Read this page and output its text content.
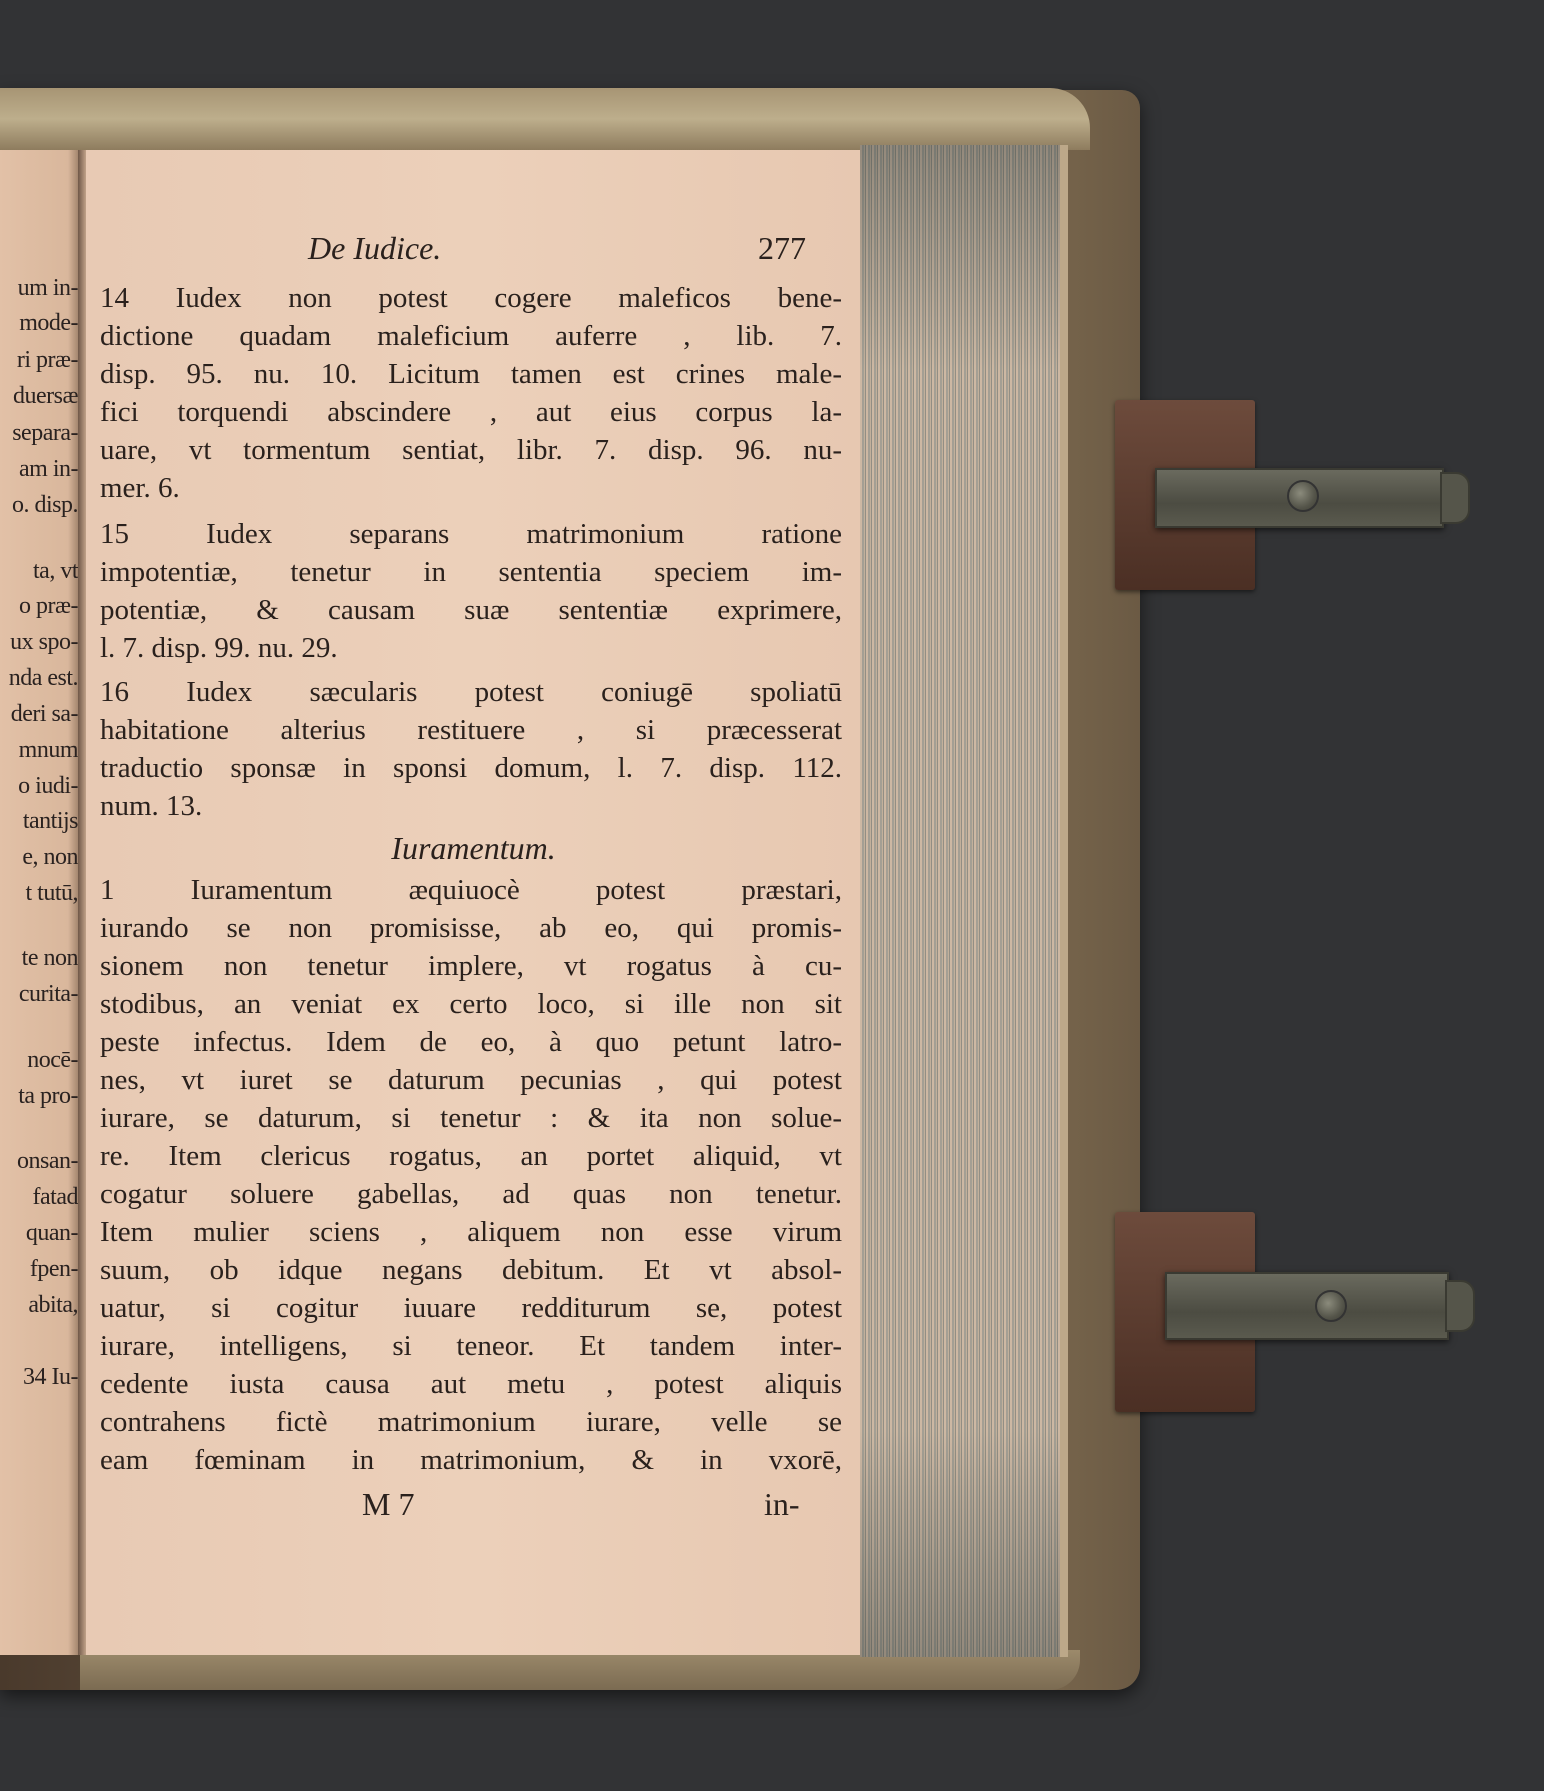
um in-
mode-
ri præ-
duersæ
separa-
am in-
o. disp.
ta, vt
o præ-
ux spo-
nda est.
deri sa-
mnum
o iudi-
tantijs
e, non
t tutū,
te non
curita-
nocē-
ta pro-
onsan-
fatad
quan-
fpen-
abita,
34 Iu-
De Iudice.	277
14 Iudex non potest cogere maleficos bene-
dictione quadam maleficium auferre , lib. 7.
disp. 95. nu. 10. Licitum tamen est crines male-
fici torquendi abscindere , aut eius corpus la-
uare, vt tormentum sentiat, libr. 7. disp. 96. nu-
mer. 6.
15 Iudex separans matrimonium ratione
impotentiæ, tenetur in sententia speciem im-
potentiæ, & causam suæ sententiæ exprimere,
l. 7. disp. 99. nu. 29.
16 Iudex sæcularis potest coniugē spoliatū
habitatione alterius restituere , si præcesserat
traductio sponsæ in sponsi domum, l. 7. disp. 112.
num. 13.
Iuramentum.
1 Iuramentum æquiuocè potest præstari,
iurando se non promisisse, ab eo, qui promis-
sionem non tenetur implere, vt rogatus à cu-
stodibus, an veniat ex certo loco, si ille non sit
peste infectus. Idem de eo, à quo petunt latro-
nes, vt iuret se daturum pecunias , qui potest
iurare, se daturum, si tenetur : & ita non solue-
re. Item clericus rogatus, an portet aliquid, vt
cogatur soluere gabellas, ad quas non tenetur.
Item mulier sciens , aliquem non esse virum
suum, ob idque negans debitum. Et vt absol-
uatur, si cogitur iuuare redditurum se, potest
iurare, intelligens, si teneor. Et tandem inter-
cedente iusta causa aut metu , potest aliquis
contrahens fictè matrimonium iurare, velle se
eam fœminam in matrimonium, & in vxorē,
M 7	in-
